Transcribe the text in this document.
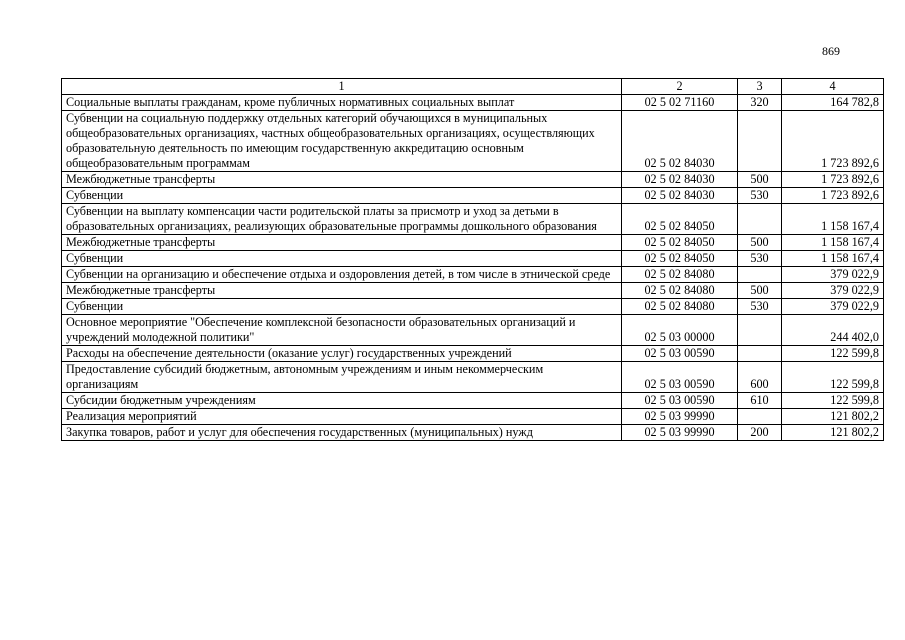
869
1	2	3	4
Социальные выплаты гражданам, кроме публичных нормативных социальных выплат	02 5 02 71160	320	164 782,8
Субвенции на социальную поддержку отдельных категорий обучающихся в муниципальных общеобразовательных организациях, частных общеобразовательных организациях, осуществляющих образовательную деятельность по имеющим государственную аккредитацию основным общеобразовательным программам	02 5 02 84030		1 723 892,6
Межбюджетные трансферты	02 5 02 84030	500	1 723 892,6
Субвенции	02 5 02 84030	530	1 723 892,6
Субвенции на выплату компенсации части родительской платы за присмотр и уход за детьми в образовательных организациях, реализующих образовательные программы дошкольного образования	02 5 02 84050		1 158 167,4
Межбюджетные трансферты	02 5 02 84050	500	1 158 167,4
Субвенции	02 5 02 84050	530	1 158 167,4
Субвенции на организацию и обеспечение отдыха и оздоровления детей, в том числе в этнической среде	02 5 02 84080		379 022,9
Межбюджетные трансферты	02 5 02 84080	500	379 022,9
Субвенции	02 5 02 84080	530	379 022,9
Основное мероприятие "Обеспечение комплексной безопасности образовательных организаций и учреждений молодежной политики"	02 5 03 00000		244 402,0
Расходы на обеспечение деятельности (оказание услуг) государственных учреждений	02 5 03 00590		122 599,8
Предоставление субсидий бюджетным, автономным учреждениям и иным некоммерческим организациям	02 5 03 00590	600	122 599,8
Субсидии бюджетным учреждениям	02 5 03 00590	610	122 599,8
Реализация мероприятий	02 5 03 99990		121 802,2
Закупка товаров, работ и услуг для обеспечения государственных (муниципальных) нужд	02 5 03 99990	200	121 802,2
